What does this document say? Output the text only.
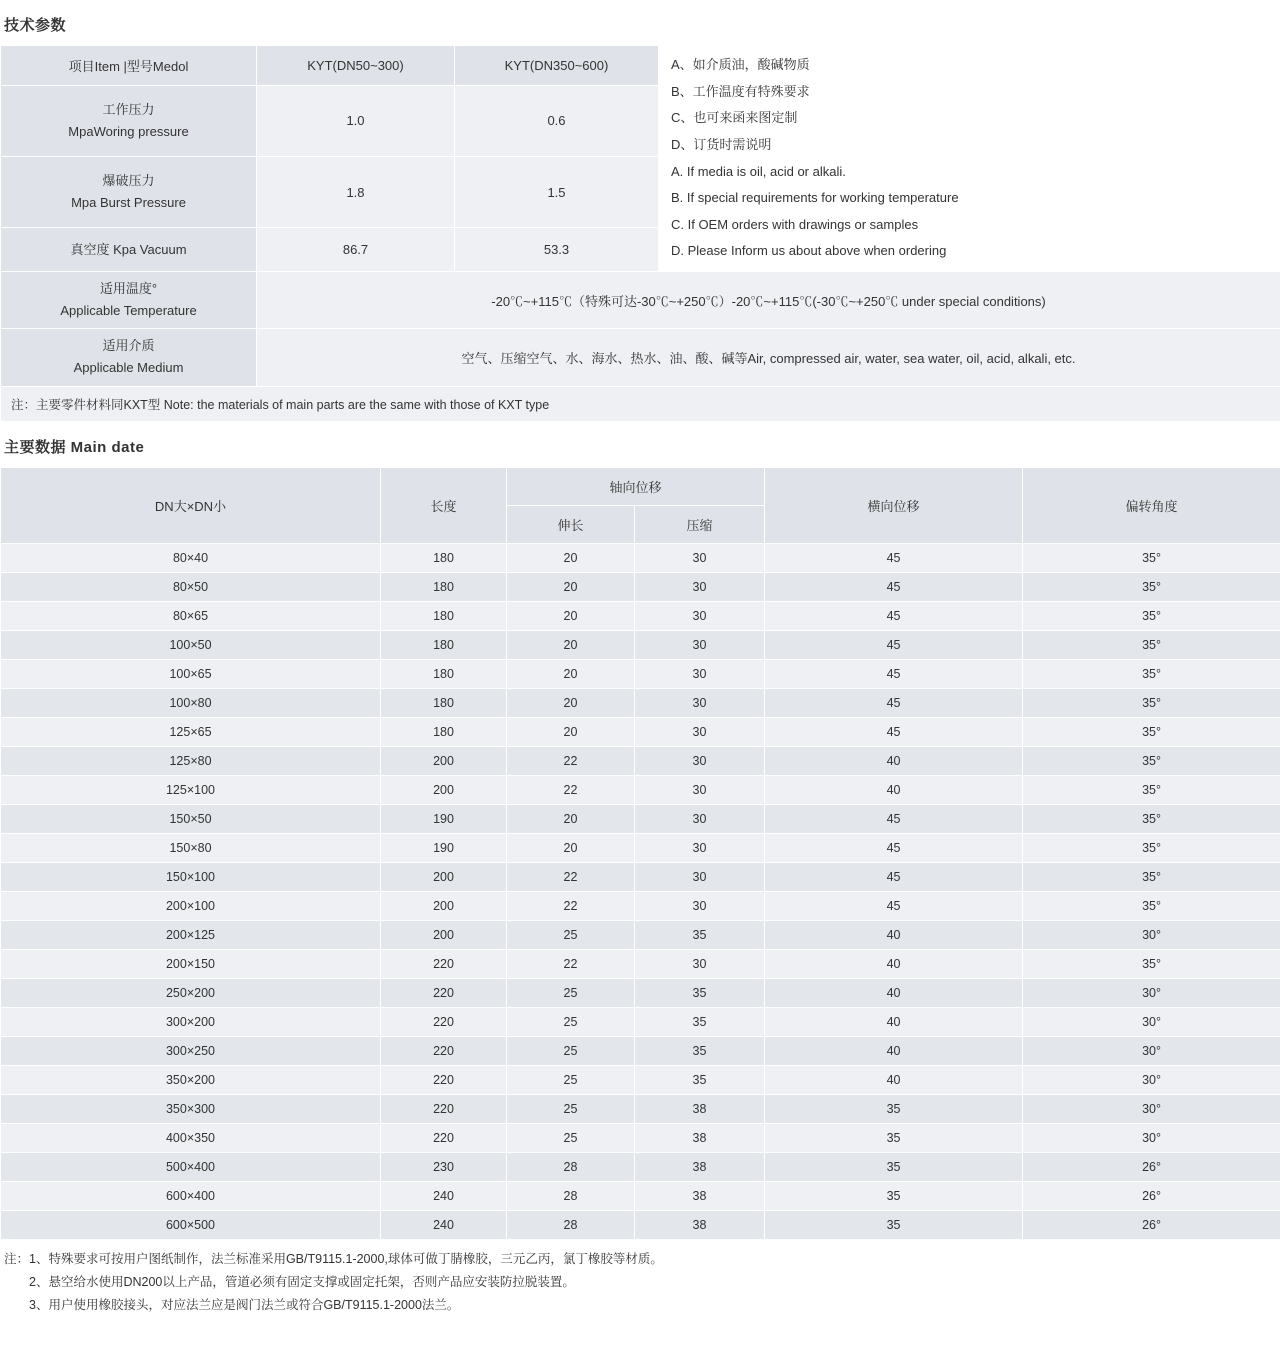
技术参数
项目Item |型号Medol	KYT(DN50~300)	KYT(DN350~600)	A、如介质油，酸碱物质
B、工作温度有特殊要求
C、也可来函来图定制
D、订货时需说明
A. If media is oil, acid or alkali.
B. If special requirements for working temperature
C. If OEM orders with drawings or samples
D. Please Inform us about above when ordering

工作压力
MpaWoring pressure	1.0	0.6	

爆破压力
Mpa Burst Pressure	1.8	1.5	
真空度 Kpa Vacuum	86.7	53.3	

适用温度°
Applicable Temperature	-20℃~+115℃（特殊可达-30℃~+250℃）-20℃~+115℃(-30℃~+250℃ under special conditions)		

适用介质
Applicable Medium	空气、压缩空气、水、海水、热水、油、酸、碱等Air, compressed air, water, sea water, oil, acid, alkali, etc.		
注：主要零件材料同KXT型 Note: the materials of main parts are the same with those of KXT type			
主要数据 Main date
DN大×DN小	长度	轴向位移		横向位移	偏转角度
		伸长	压缩		
80×40	180	20	30	45	35°
80×50	180	20	30	45	35°
80×65	180	20	30	45	35°
100×50	180	20	30	45	35°
100×65	180	20	30	45	35°
100×80	180	20	30	45	35°
125×65	180	20	30	45	35°
125×80	200	22	30	40	35°
125×100	200	22	30	40	35°
150×50	190	20	30	45	35°
150×80	190	20	30	45	35°
150×100	200	22	30	45	35°
200×100	200	22	30	45	35°
200×125	200	25	35	40	30°
200×150	220	22	30	40	35°
250×200	220	25	35	40	30°
300×200	220	25	35	40	30°
300×250	220	25	35	40	30°
350×200	220	25	35	40	30°
350×300	220	25	38	35	30°
400×350	220	25	38	35	30°
500×400	230	28	38	35	26°
600×400	240	28	38	35	26°
600×500	240	28	38	35	26°
注：1、特殊要求可按用户图纸制作，法兰标准采用GB/T9115.1-2000,球体可做丁腈橡胶，三元乙丙，氯丁橡胶等材质。
　　2、悬空给水使用DN200以上产品，管道必须有固定支撑或固定托架，否则产品应安装防拉脱装置。
　　3、用户使用橡胶接头，对应法兰应是阀门法兰或符合GB/T9115.1-2000法兰。
